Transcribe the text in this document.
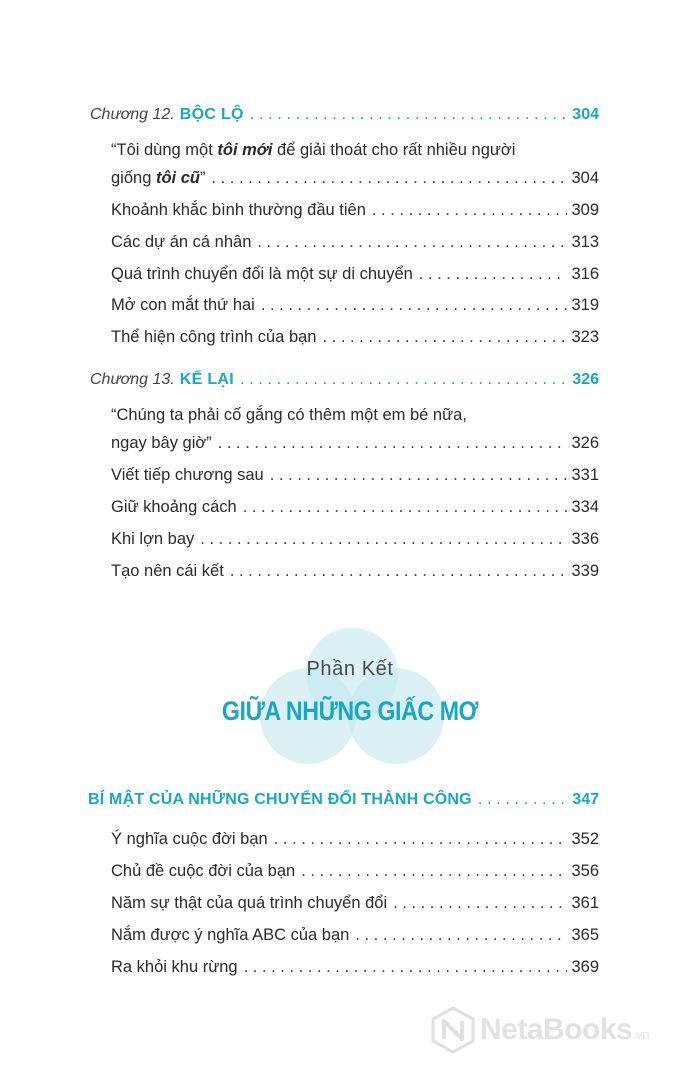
Chương 12. BỘC LỘ . . .	304
“Tôi dùng một tôi mới để giải thoát cho rất nhiều người
giống tôi cũ” . . .	304
Khoảnh khắc bình thường đầu tiên . . .	309
Các dự án cá nhân . . .	313
Quá trình chuyển đổi là một sự di chuyển . . .	316
Mở con mắt thứ hai . . .	319
Thể hiện công trình của bạn . . .	323
Chương 13. KỂ LẠI . . .	326
“Chúng ta phải cố gắng có thêm một em bé nữa,
ngay bây giờ” . . .	326
Viết tiếp chương sau . . .	331
Giữ khoảng cách . . .	334
Khi lợn bay . . .	336
Tạo nên cái kết . . .	339
Phần Kết
GIỮA NHỮNG GIẤC MƠ
BÍ MẬT CỦA NHỮNG CHUYỂN ĐỔI THÀNH CÔNG . . .	347
Ý nghĩa cuộc đời bạn . . .	352
Chủ đề cuộc đời của bạn . . .	356
Năm sự thật của quá trình chuyển đổi . . .	361
Nắm được ý nghĩa ABC của bạn . . .	365
Ra khỏi khu rừng . . .	369
NetaBooks.vn
